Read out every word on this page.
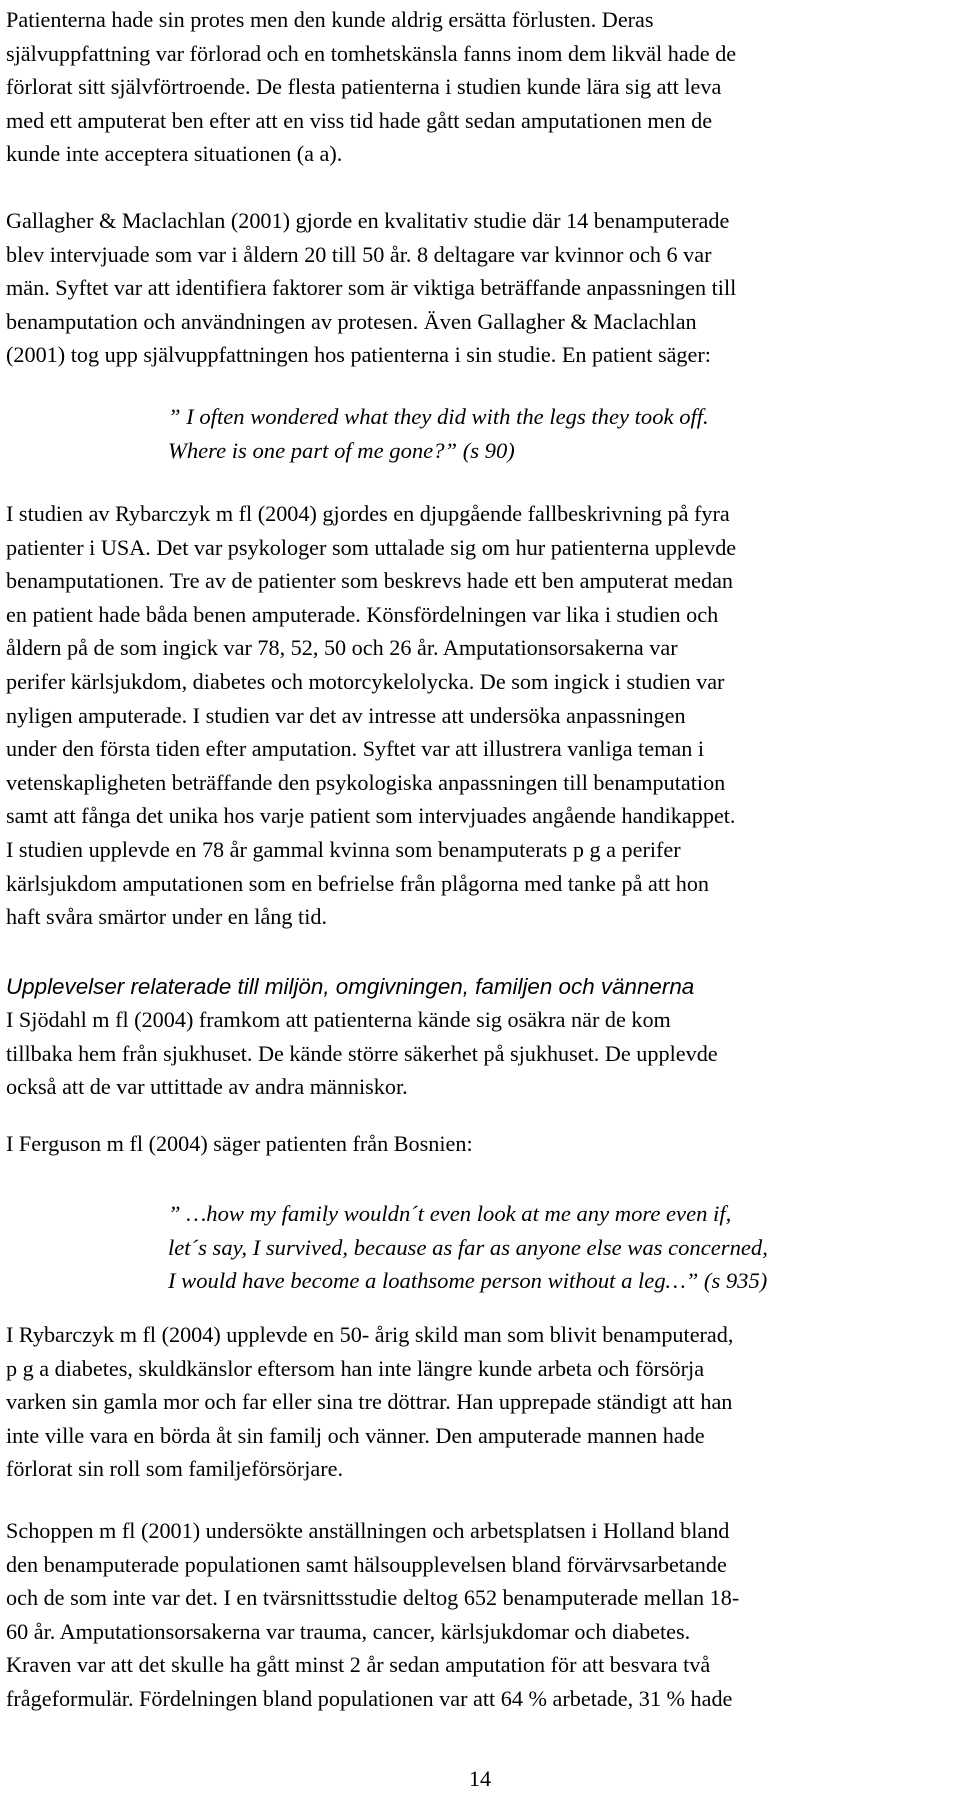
Patienterna hade sin protes men den kunde aldrig ersätta förlusten. Deras
självuppfattning var förlorad och en tomhetskänsla fanns inom dem likväl hade de
förlorat sitt självförtroende. De flesta patienterna i studien kunde lära sig att leva
med ett amputerat ben efter att en viss tid hade gått sedan amputationen men de
kunde inte acceptera situationen (a a).
Gallagher & Maclachlan (2001) gjorde en kvalitativ studie där 14 benamputerade
blev intervjuade som var i åldern 20 till 50 år. 8 deltagare var kvinnor och 6 var
män. Syftet var att identifiera faktorer som är viktiga beträffande anpassningen till
benamputation och användningen av protesen. Även Gallagher & Maclachlan
(2001) tog upp självuppfattningen hos patienterna i sin studie. En patient säger:
” I often wondered what they did with the legs they took off.
Where is one part of me gone?” (s 90)
I studien av Rybarczyk m fl (2004) gjordes en djupgående fallbeskrivning på fyra
patienter i USA. Det var psykologer som uttalade sig om hur patienterna upplevde
benamputationen. Tre av de patienter som beskrevs hade ett ben amputerat medan
en patient hade båda benen amputerade. Könsfördelningen var lika i studien och
åldern på de som ingick var 78, 52, 50 och 26 år. Amputationsorsakerna var
perifer kärlsjukdom, diabetes och motorcykelolycka. De som ingick i studien var
nyligen amputerade. I studien var det av intresse att undersöka anpassningen
under den första tiden efter amputation. Syftet var att illustrera vanliga teman i
vetenskapligheten beträffande den psykologiska anpassningen till benamputation
samt att fånga det unika hos varje patient som intervjuades angående handikappet.
I studien upplevde en 78 år gammal kvinna som benamputerats p g a perifer
kärlsjukdom amputationen som en befrielse från plågorna med tanke på att hon
haft svåra smärtor under en lång tid.
Upplevelser relaterade till miljön, omgivningen, familjen och vännerna
I Sjödahl m fl (2004) framkom att patienterna kände sig osäkra när de kom
tillbaka hem från sjukhuset. De kände större säkerhet på sjukhuset. De upplevde
också att de var uttittade av andra människor.
I Ferguson m fl (2004) säger patienten från Bosnien:
” …how my family wouldn´t even look at me any more even if,
let´s say, I survived, because as far as anyone else was concerned,
I would have become a loathsome person without a leg…” (s 935)
I Rybarczyk m fl (2004) upplevde en 50- årig skild man som blivit benamputerad,
p g a diabetes, skuldkänslor eftersom han inte längre kunde arbeta och försörja
varken sin gamla mor och far eller sina tre döttrar. Han upprepade ständigt att han
inte ville vara en börda åt sin familj och vänner. Den amputerade mannen hade
förlorat sin roll som familjeförsörjare.
Schoppen m fl (2001) undersökte anställningen och arbetsplatsen i Holland bland
den benamputerade populationen samt hälsoupplevelsen bland förvärvsarbetande
och de som inte var det. I en tvärsnittsstudie deltog 652 benamputerade mellan 18-
60 år. Amputationsorsakerna var trauma, cancer, kärlsjukdomar och diabetes.
Kraven var att det skulle ha gått minst 2 år sedan amputation för att besvara två
frågeformulär. Fördelningen bland populationen var att 64 % arbetade, 31 % hade
14
